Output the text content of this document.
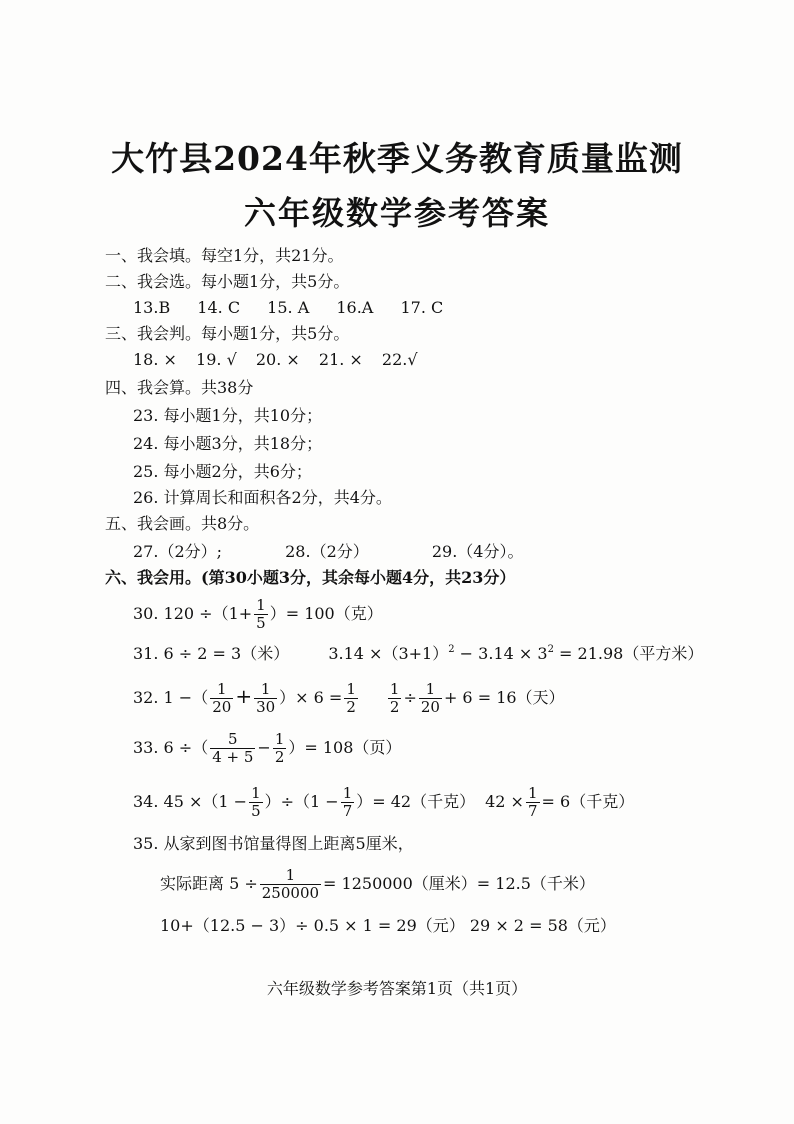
大竹县2024年秋季义务教育质量监测
六年级数学参考答案
一、我会填。每空1分，共21分。
二、我会选。每小题1分，共5分。
13.B 14. C 15. A 16.A 17. C
三、我会判。每小题1分，共5分。
18. × 19. √ 20. × 21. × 22.√
四、我会算。共38分
23. 每小题1分，共10分；
24. 每小题3分，共18分；
25. 每小题2分，共6分；
26. 计算周长和面积各2分，共4分。
五、我会画。共8分。
27.（2分）;	28.（2分）	29.（4分）。
六、我会用。(第30小题3分，其余每小题4分，共23分）
30. $120 \div(1+ \frac{1}{5}$ ）= 100（克）
31. 6 ÷ 2 = 3（米） $3.14 \times(3+1)^2 - 3.14 \times 3^2 = 21.98$（平方米）
32. 1 −（ $\frac{1}{20} + \frac{1}{30}$ ）× $6 = \frac{1}{2} \frac{1}{2} \div \frac{1}{20} + 6 = 16$（天）
33. 6 ÷（ $\frac{5}{4 + 5} - \frac{1}{2}$ ）= 108（页）
34. $45 \times(1 - \frac{1}{5} )\div(1 - \frac{1}{7}$ ）= 42（千克） $42 \times \frac{1}{7} = 6$（千克）
35. 从家到图书馆量得图上距离5厘米，
实际距离 $5 \div \frac{1}{250000} = 1250000$（厘米）= 12.5（千米）
10+（12.5 − 3）÷ 0.5 × 1 = 29（元） 29 × 2 = 58（元）
六年级数学参考答案第1页（共1页）
